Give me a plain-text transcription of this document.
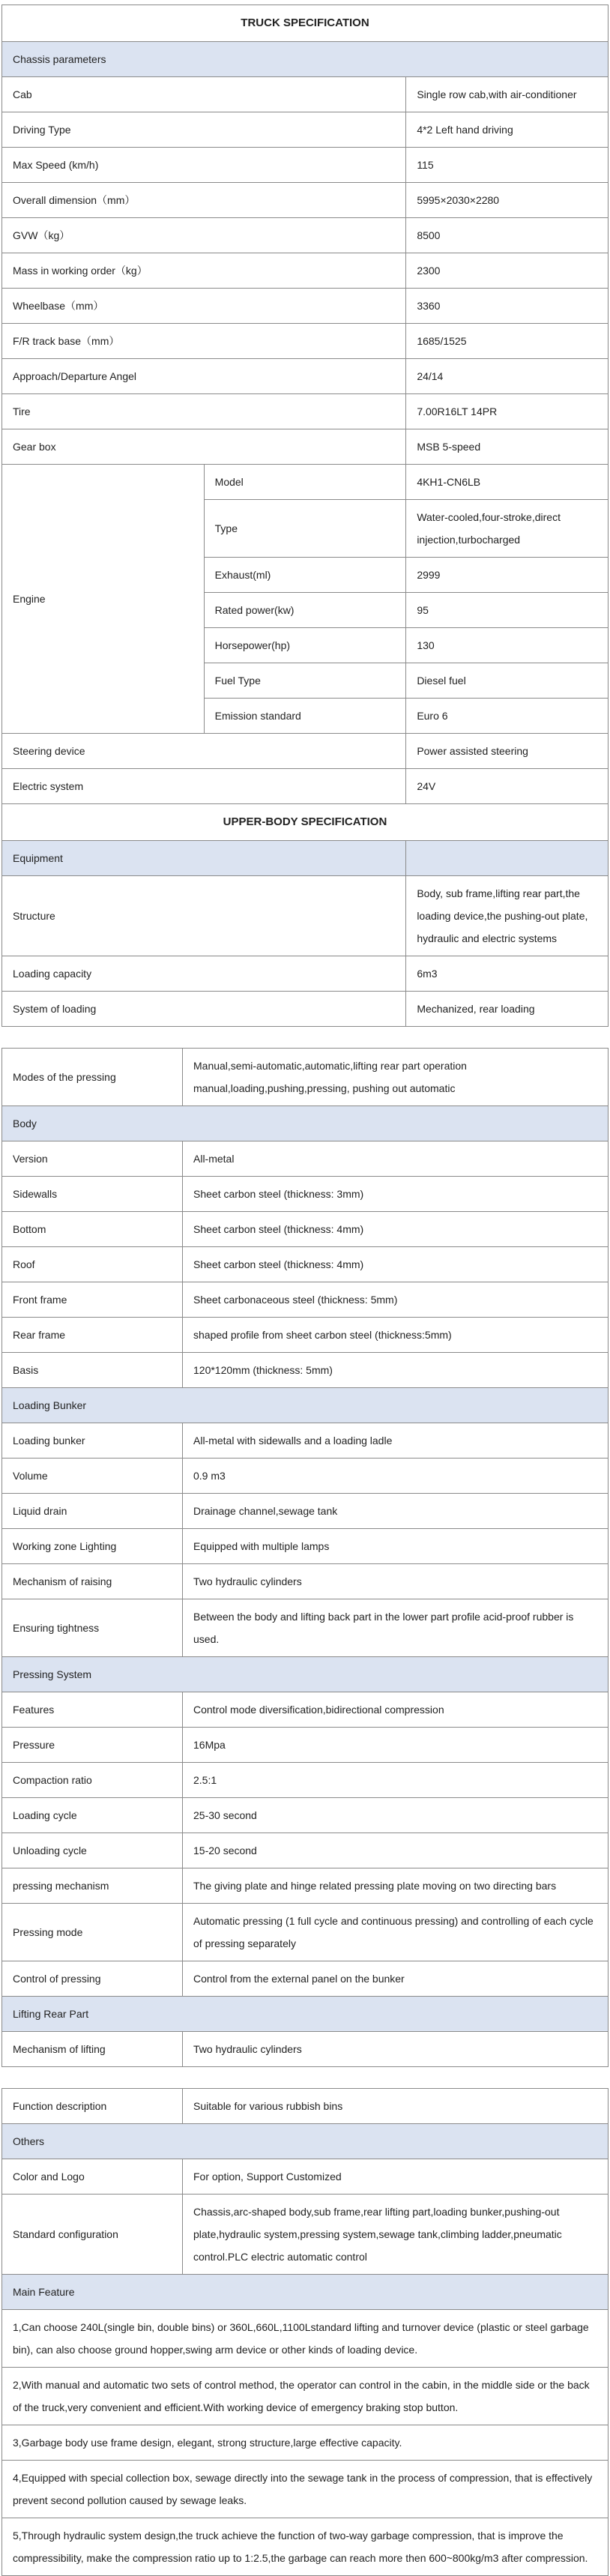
TRUCK SPECIFICATION		
Chassis parameters		
Cab		Single row cab,with air-conditioner
Driving Type		4*2 Left hand driving
Max Speed (km/h)		115
Overall dimension（mm）		5995×2030×2280
GVW（kg）		8500
Mass in working order（kg）		2300
Wheelbase（mm）		3360
F/R track base（mm）		1685/1525
Approach/Departure Angel		24/14
Tire		7.00R16LT 14PR
Gear box		MSB 5-speed
Engine	Model	4KH1-CN6LB
	Type	Water-cooled,four-stroke,direct injection,turbocharged
	Exhaust(ml)	2999
	Rated power(kw)	95
	Horsepower(hp)	130
	Fuel Type	Diesel fuel
	Emission standard	Euro 6
Steering device		Power assisted steering
Electric system		24V
UPPER-BODY SPECIFICATION		
Equipment		
Structure		Body, sub frame,lifting rear part,the loading device,the pushing-out plate, hydraulic and electric systems
Loading capacity		6m3
System of loading		Mechanized, rear loading
Modes of the pressing	Manual,semi-automatic,automatic,lifting rear part operation manual,loading,pushing,pressing, pushing out automatic
Body	
Version	All-metal
Sidewalls	Sheet carbon steel (thickness: 3mm)
Bottom	Sheet carbon steel (thickness: 4mm)
Roof	Sheet carbon steel (thickness: 4mm)
Front frame	Sheet carbonaceous steel (thickness: 5mm)
Rear frame	shaped profile from sheet carbon steel (thickness:5mm)
Basis	120*120mm (thickness: 5mm)
Loading Bunker	
Loading bunker	All-metal with sidewalls and a loading ladle
Volume	0.9 m3
Liquid drain	Drainage channel,sewage tank
Working zone Lighting	Equipped with multiple lamps
Mechanism of raising	Two hydraulic cylinders
Ensuring tightness	Between the body and lifting back part in the lower part profile acid-proof rubber is used.
Pressing System	
Features	Control mode diversification,bidirectional compression
Pressure	16Mpa
Compaction ratio	2.5:1
Loading cycle	25-30 second
Unloading cycle	15-20 second
pressing mechanism	The giving plate and hinge related pressing plate moving on two directing bars
Pressing mode	Automatic pressing (1 full cycle and continuous pressing) and controlling of each cycle of pressing separately
Control of pressing	Control from the external panel on the bunker
Lifting Rear Part	
Mechanism of lifting	Two hydraulic cylinders
Function description	Suitable for various rubbish bins
Others	
Color and Logo	For option, Support Customized
Standard configuration	Chassis,arc-shaped body,sub frame,rear lifting part,loading bunker,pushing-out plate,hydraulic system,pressing system,sewage tank,climbing ladder,pneumatic control.PLC electric automatic control
Main Feature	
1,Can choose 240L(single bin, double bins) or 360L,660L,1100Lstandard lifting and turnover device (plastic or steel garbage bin), can also choose ground hopper,swing arm device or other kinds of loading device.	
2,With manual and automatic two sets of control method, the operator can control in the cabin, in the middle side or the back of the truck,very convenient and efficient.With working device of emergency braking stop button.	
3,Garbage body use frame design, elegant, strong structure,large effective capacity.	
4,Equipped with special collection box, sewage directly into the sewage tank in the process of compression, that is effectively prevent second pollution caused by sewage leaks.	
5,Through hydraulic system design,the truck achieve the function of two-way garbage compression, that is improve the compressibility, make the compression ratio up to 1:2.5,the garbage can reach more then 600~800kg/m3 after compression.	
